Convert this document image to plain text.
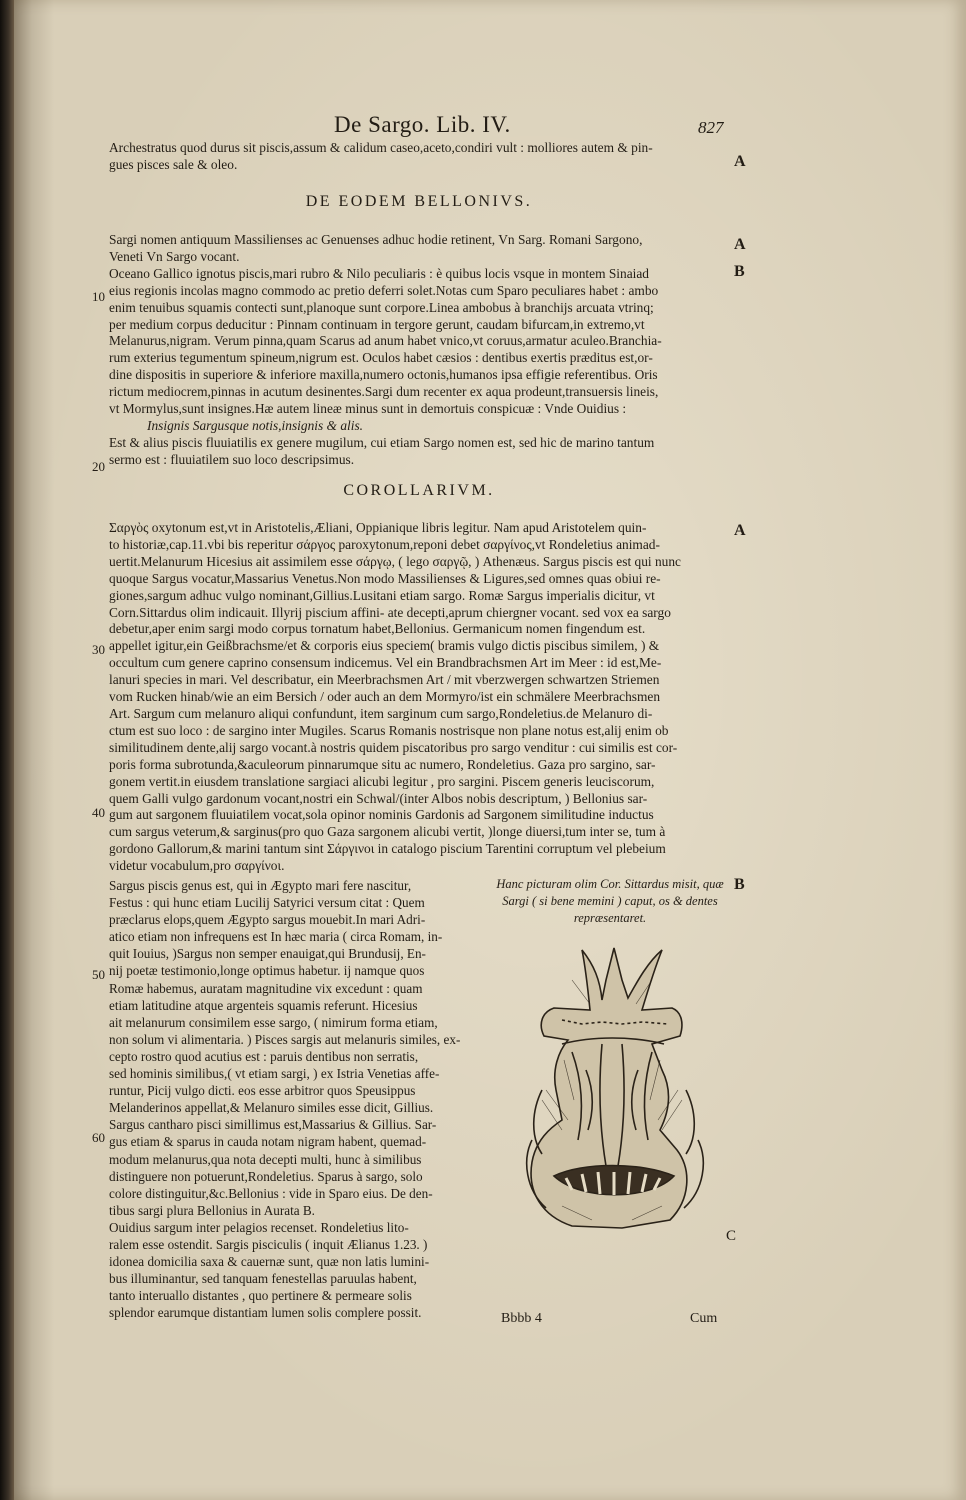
De Sargo. Lib. IV.	827

Archestratus quod durus sit piscis,assum & calidum caseo,aceto,condiri vult : molliores autem & pin-
gues pisces sale & oleo.

DE EODEM BELLONIVS.

Sargi nomen antiquum Massilienses ac Genuenses adhuc hodie retinent, Vn Sarg. Romani Sargono,
Veneti Vn Sargo vocant.
Oceano Gallico ignotus piscis,mari rubro & Nilo peculiaris : è quibus locis vsque in montem Sinaiad
eius regionis incolas magno commodo ac pretio deferri solet.Notas cum Sparo peculiares habet : ambo
enim tenuibus squamis contecti sunt,planoque sunt corpore.Linea ambobus à branchijs arcuata vtrinq;
per medium corpus deducitur : Pinnam continuam in tergore gerunt, caudam bifurcam,in extremo,vt
Melanurus,nigram. Verum pinna,quam Scarus ad anum habet vnico,vt coruus,armatur aculeo.Branchia-
rum exterius tegumentum spineum,nigrum est. Oculos habet cæsios : dentibus exertis præditus est,or-
dine dispositis in superiore & inferiore maxilla,numero octonis,humanos ipsa effigie referentibus. Oris
rictum mediocrem,pinnas in acutum desinentes.Sargi dum recenter ex aqua prodeunt,transuersis lineis,
vt Mormylus,sunt insignes.Hæ autem lineæ minus sunt in demortuis conspicuæ : Vnde Ouidius :

Insignis Sargusque notis,insignis & alis.

Est & alius piscis fluuiatilis ex genere mugilum, cui etiam Sargo nomen est, sed hic de marino tantum
sermo est : fluuiatilem suo loco descripsimus.

COROLLARIVM.

Σαργὸς oxytonum est,vt in Aristotelis,Æliani, Oppianique libris legitur. Nam apud Aristotelem quin-
to historiæ,cap.11.vbi bis reperitur σάργος paroxytonum,reponi debet σαργίνος,vt Rondeletius animad-
uertit.Melanurum Hicesius ait assimilem esse σάργῳ, ( lego σαργῷ, ) Athenæus. Sargus piscis est qui nunc
quoque Sargus vocatur,Massarius Venetus.Non modo Massilienses & Ligures,sed omnes quas obiui re-
giones,sargum adhuc vulgo nominant,Gillius.Lusitani etiam sargo. Romæ Sargus imperialis dicitur, vt
Corn.Sittardus olim indicauit. Illyrij piscium affini- ate decepti,aprum chiergner vocant. sed vox ea sargo
debetur,aper enim sargi modo corpus tornatum habet,Bellonius. Germanicum nomen fingendum est.
appellet igitur,ein Geißbrachsme/et & corporis eius speciem( bramis vulgo dictis piscibus similem, ) &
occultum cum genere caprino consensum indicemus. Vel ein Brandbrachsmen Art im Meer : id est,Me-
lanuri species in mari. Vel describatur, ein Meerbrachsmen Art / mit vberzwergen schwartzen Striemen
vom Rucken hinab/wie an eim Bersich / oder auch an dem Mormyro/ist ein schmälere Meerbrachsmen
Art. Sargum cum melanuro aliqui confundunt, item sarginum cum sargo,Rondeletius.de Melanuro di-
ctum est suo loco : de sargino inter Mugiles. Scarus Romanis nostrisque non plane notus est,alij enim ob
similitudinem dente,alij sargo vocant.à nostris quidem piscatoribus pro sargo venditur : cui similis est cor-
poris forma subrotunda,&aculeorum pinnarumque situ ac numero, Rondeletius. Gaza pro sargino, sar-
gonem vertit.in eiusdem translatione sargiaci alicubi legitur , pro sargini. Piscem generis leuciscorum,
quem Galli vulgo gardonum vocant,nostri ein Schwal/(inter Albos nobis descriptum, ) Bellonius sar-
gum aut sargonem fluuiatilem vocat,sola opinor nominis Gardonis ad Sargonem similitudine inductus
cum sargus veterum,& sarginus(pro quo Gaza sargonem alicubi vertit, )longe diuersi,tum inter se, tum à
gordono Gallorum,& marini tantum sint Σάργινοι in catalogo piscium Tarentini corruptum vel plebeium
videtur vocabulum,pro σαργίνοι.

Sargus piscis genus est, qui in Ægypto mari fere nascitur,
Festus : qui hunc etiam Lucilij Satyrici versum citat : Quem
præclarus elops,quem Ægypto sargus mouebit.In mari Adri-
atico etiam non infrequens est In hæc maria ( circa Romam, in-
quit Iouius, )Sargus non semper enauigat,qui Brundusij, En-
nij poetæ testimonio,longe optimus habetur. ij namque quos
Romæ habemus, auratam magnitudine vix excedunt : quam
etiam latitudine atque argenteis squamis referunt. Hicesius
ait melanurum consimilem esse sargo, ( nimirum forma etiam,
non solum vi alimentaria. ) Pisces sargis aut melanuris similes, ex-
cepto rostro quod acutius est : paruis dentibus non serratis,
sed hominis similibus,( vt etiam sargi, ) ex Istria Venetias affe-
runtur, Picij vulgo dicti. eos esse arbitror quos Speusippus
Melanderinos appellat,& Melanuro similes esse dicit, Gillius.
Sargus cantharo pisci simillimus est,Massarius & Gillius. Sar-
gus etiam & sparus in cauda notam nigram habent, quemad-
modum melanurus,qua nota decepti multi, hunc à similibus
distinguere non potuerunt,Rondeletius. Sparus à sargo, solo
colore distinguitur,&c.Bellonius : vide in Sparo eius. De den-
tibus sargi plura Bellonius in Aurata B.
Ouidius sargum inter pelagios recenset. Rondeletius lito-
ralem esse ostendit. Sargis pisciculis ( inquit Ælianus 1.23. )
idonea domicilia saxa & cauernæ sunt, quæ non latis lumini-
bus illuminantur, sed tanquam fenestellas paruulas habent,
tanto interuallo distantes , quo pertinere & permeare solis
splendor earumque distantiam lumen solis complere possit.

Hanc picturam olim Cor. Sittardus misit, quæ Sargi ( si bene memini ) caput, os & dentes repræsentaret.
C
A
A
B
A
B
10
20
30
40
50
60
Bbbb 4	Cum
